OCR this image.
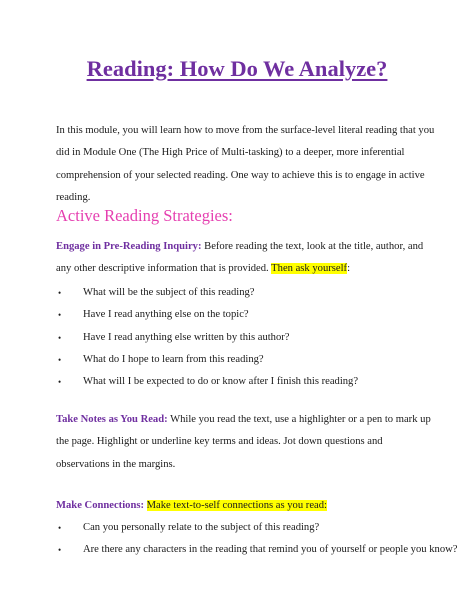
Reading: How Do We Analyze?

In this module, you will learn how to move from the surface-level literal reading that you did in Module One (The High Price of Multi-tasking) to a deeper, more inferential comprehension of your selected reading. One way to achieve this is to engage in active reading.

Active Reading Strategies:

Engage in Pre-Reading Inquiry: Before reading the text, look at the title, author, and any other descriptive information that is provided. Then ask yourself:

• What will be the subject of this reading?
• Have I read anything else on the topic?
• Have I read anything else written by this author?
• What do I hope to learn from this reading?
• What will I be expected to do or know after I finish this reading?

Take Notes as You Read: While you read the text, use a highlighter or a pen to mark up the page. Highlight or underline key terms and ideas. Jot down questions and observations in the margins.

Make Connections: Make text-to-self connections as you read:

• Can you personally relate to the subject of this reading?
• Are there any characters in the reading that remind you of yourself or people you know?
